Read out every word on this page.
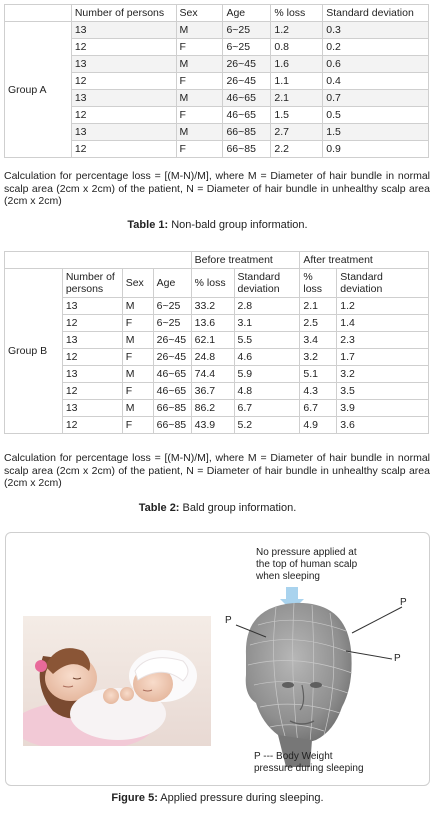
	Number of persons	Sex	Age	% loss	Standard deviation
Group A	13	M	6~25	1.2	0.3
	12	F	6~25	0.8	0.2
	13	M	26~45	1.6	0.6
	12	F	26~45	1.1	0.4
	13	M	46~65	2.1	0.7
	12	F	46~65	1.5	0.5
	13	M	66~85	2.7	1.5
	12	F	66~85	2.2	0.9
Calculation for percentage loss = [(M-N)/M], where M = Diameter of hair bundle in normal scalp area (2cm x 2cm) of the patient, N = Diameter of hair bundle in unhealthy scalp area (2cm x 2cm)
Table 1: Non-bald group information.
				Before treatment		After treatment	
Group B	Number of persons	Sex	Age	% loss	Standard deviation	% loss	Standard deviation
	13	M	6~25	33.2	2.8	2.1	1.2
	12	F	6~25	13.6	3.1	2.5	1.4
	13	M	26~45	62.1	5.5	3.4	2.3
	12	F	26~45	24.8	4.6	3.2	1.7
	13	M	46~65	74.4	5.9	5.1	3.2
	12	F	46~65	36.7	4.8	4.3	3.5
	13	M	66~85	86.2	6.7	6.7	3.9
	12	F	66~85	43.9	5.2	4.9	3.6
Calculation for percentage loss = [(M-N)/M], where M = Diameter of hair bundle in normal scalp area (2cm x 2cm) of the patient, N = Diameter of hair bundle in unhealthy scalp area (2cm x 2cm)
Table 2: Bald group information.
No pressure applied at
the top of human scalp
when sleeping
P
P
P
P --- Body Weight
pressure during sleeping
Figure 5: Applied pressure during sleeping.
